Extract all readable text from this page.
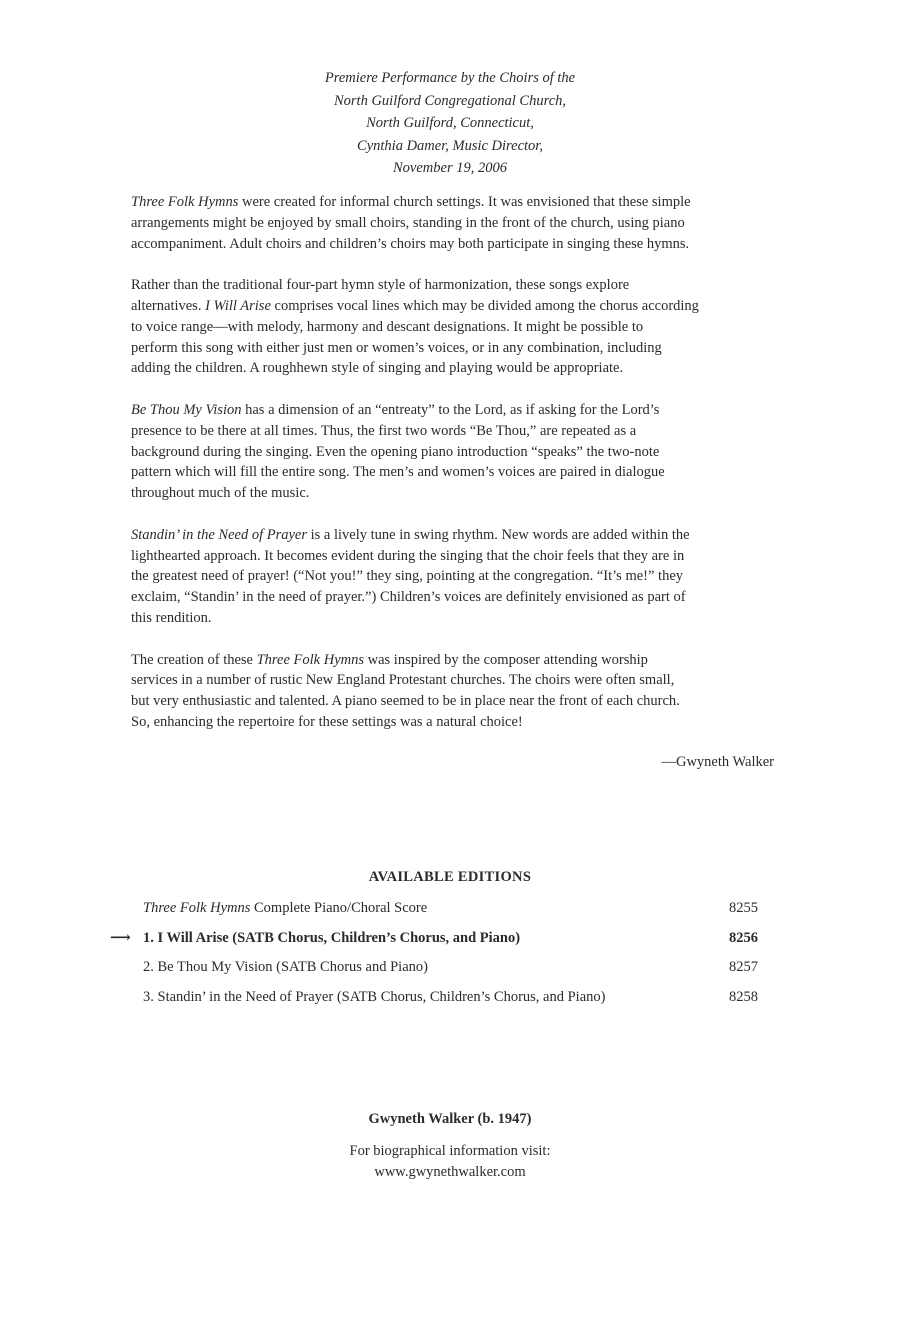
Premiere Performance by the Choirs of the
North Guilford Congregational Church,
North Guilford, Connecticut,
Cynthia Damer, Music Director,
November 19, 2006

Three Folk Hymns were created for informal church settings. It was envisioned that these simple
arrangements might be enjoyed by small choirs, standing in the front of the church, using piano
accompaniment. Adult choirs and children’s choirs may both participate in singing these hymns.

Rather than the traditional four-part hymn style of harmonization, these songs explore
alternatives. I Will Arise comprises vocal lines which may be divided among the chorus according
to voice range—with melody, harmony and descant designations. It might be possible to
perform this song with either just men or women’s voices, or in any combination, including
adding the children. A roughhewn style of singing and playing would be appropriate.

Be Thou My Vision has a dimension of an “entreaty” to the Lord, as if asking for the Lord’s
presence to be there at all times. Thus, the first two words “Be Thou,” are repeated as a
background during the singing. Even the opening piano introduction “speaks” the two-note
pattern which will fill the entire song. The men’s and women’s voices are paired in dialogue
throughout much of the music.

Standin’ in the Need of Prayer is a lively tune in swing rhythm. New words are added within the
lighthearted approach. It becomes evident during the singing that the choir feels that they are in
the greatest need of prayer! (“Not you!” they sing, pointing at the congregation. “It’s me!” they
exclaim, “Standin’ in the need of prayer.”) Children’s voices are definitely envisioned as part of
this rendition.

The creation of these Three Folk Hymns was inspired by the composer attending worship
services in a number of rustic New England Protestant churches. The choirs were often small,
but very enthusiastic and talented. A piano seemed to be in place near the front of each church.
So, enhancing the repertoire for these settings was a natural choice!

—Gwyneth Walker
AVAILABLE EDITIONS
Three Folk Hymns Complete Piano/Choral Score	8255
⟶ 1. I Will Arise (SATB Chorus, Children’s Chorus, and Piano)	8256
2. Be Thou My Vision (SATB Chorus and Piano)	8257
3. Standin’ in the Need of Prayer (SATB Chorus, Children’s Chorus, and Piano)	8258
Gwyneth Walker (b. 1947)
For biographical information visit:
www.gwynethwalker.com
